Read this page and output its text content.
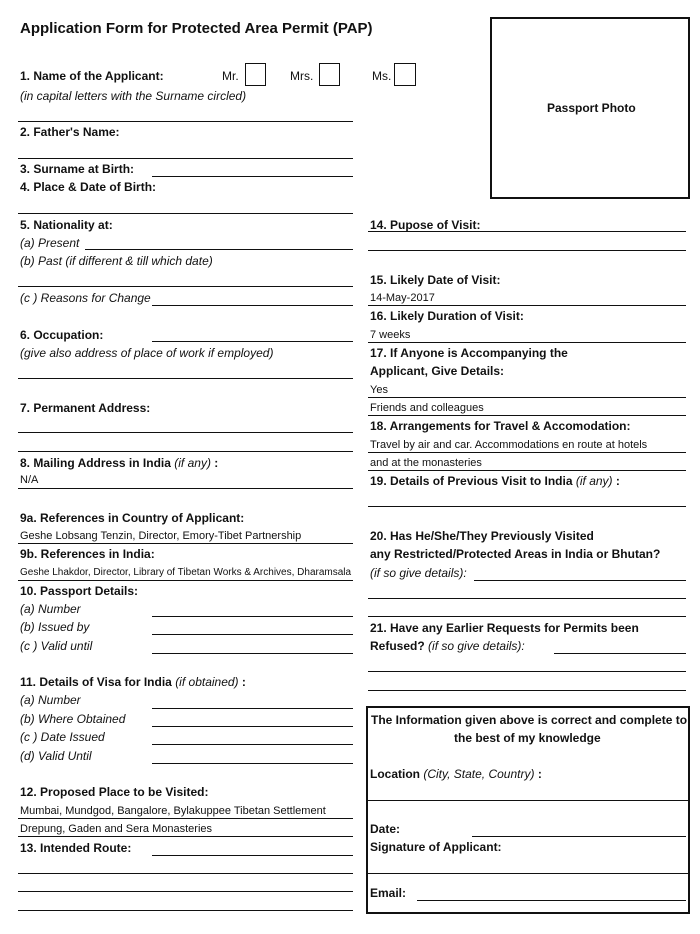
Application Form for Protected Area Permit (PAP)
Passport Photo
1. Name of the Applicant:	Mr.	Mrs.	Ms.
(in capital letters with the Surname circled)
2. Father's Name:
3. Surname at Birth:
4. Place & Date of Birth:
5. Nationality at:
(a) Present
(b) Past (if different & till which date)
(c ) Reasons for Change
6. Occupation:
(give also address of place of work if employed)
7. Permanent Address:
8. Mailing Address in India (if any) :
N/A
9a. References in Country of Applicant:
Geshe Lobsang Tenzin, Director, Emory-Tibet Partnership
9b. References in India:
Geshe Lhakdor, Director, Library of Tibetan Works & Archives, Dharamsala
10. Passport Details:
(a) Number
(b) Issued by
(c ) Valid until
11. Details of Visa for India (if obtained) :
(a) Number
(b) Where Obtained
(c ) Date Issued
(d) Valid Until
12. Proposed Place to be Visited:
Mumbai, Mundgod, Bangalore, Bylakuppee Tibetan Settlement
Drepung, Gaden and Sera Monasteries
13. Intended Route:
14. Pupose of Visit:
15. Likely Date of Visit:
14-May-2017
16. Likely Duration of Visit:
7 weeks
17. If Anyone is Accompanying the
Applicant, Give Details:
Yes
Friends and colleagues
18. Arrangements for Travel & Accomodation:
Travel by air and car. Accommodations en route at hotels
and at the monasteries
19. Details of Previous Visit to India (if any) :
20. Has He/She/They Previously Visited
any Restricted/Protected Areas in India or Bhutan?
(if so give details):
21. Have any Earlier Requests for Permits been
Refused? (if so give details):
The Information given above is correct and complete to
the best of my knowledge
Location (City, State, Country) :
Date:
Signature of Applicant:
Email:
